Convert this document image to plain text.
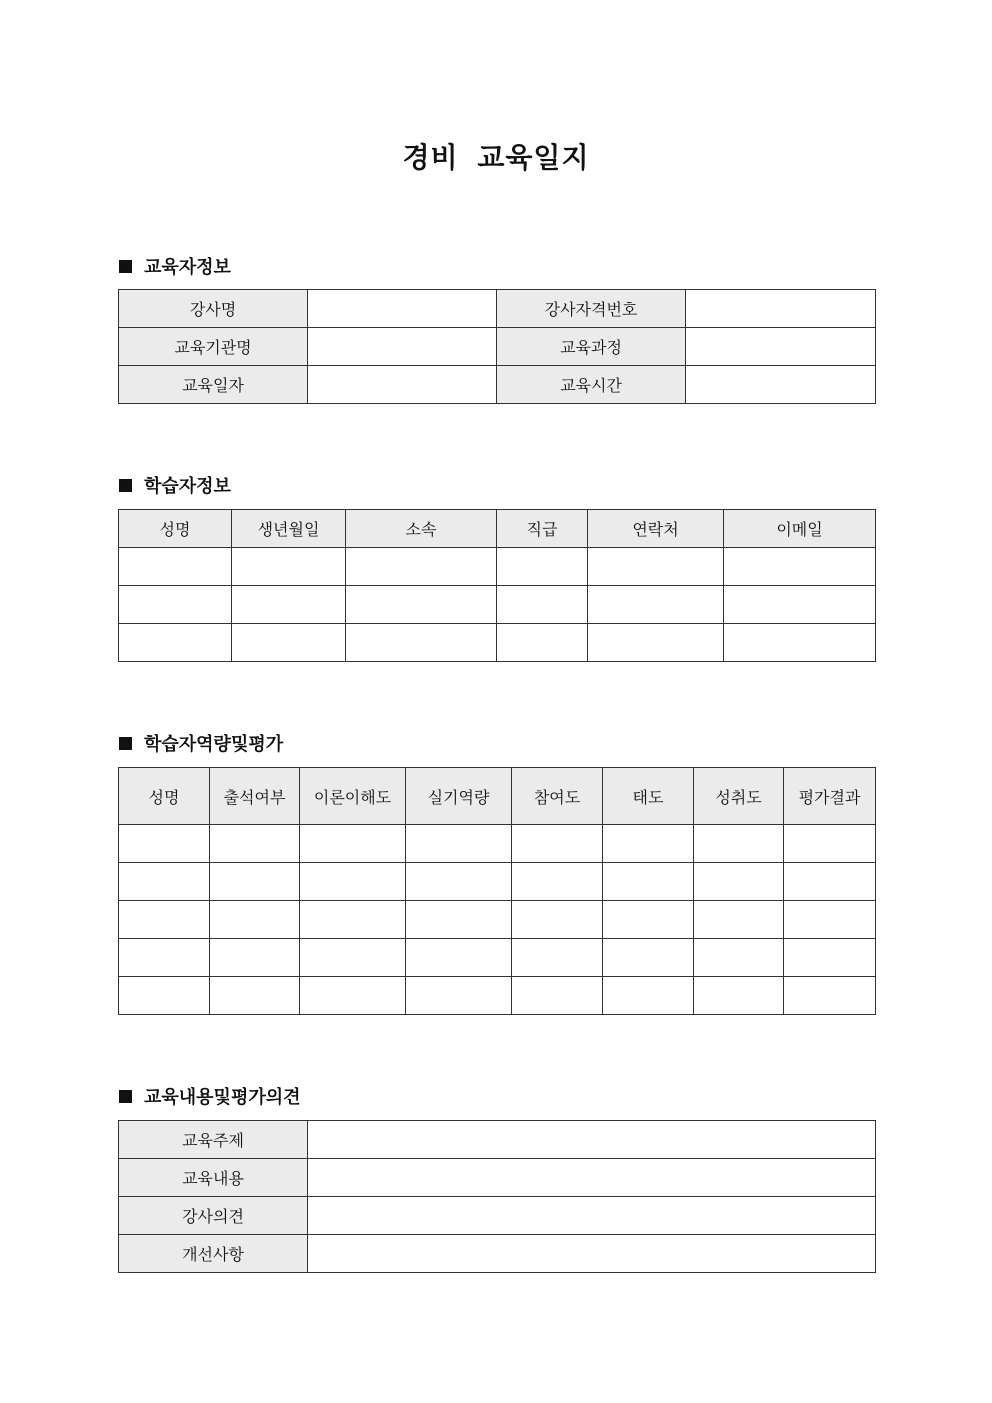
경비 교육일지
교육자정보
강사명		강사자격번호	
교육기관명		교육과정	
교육일자		교육시간	
학습자정보
성명	생년월일	소속	직급	연락처	이메일

학습자역량및평가
성명	출석여부	이론이해도	실기역량	참여도	태도	성취도	평가결과

교육내용및평가의견
교육주제	
교육내용	
강사의견	
개선사항	
